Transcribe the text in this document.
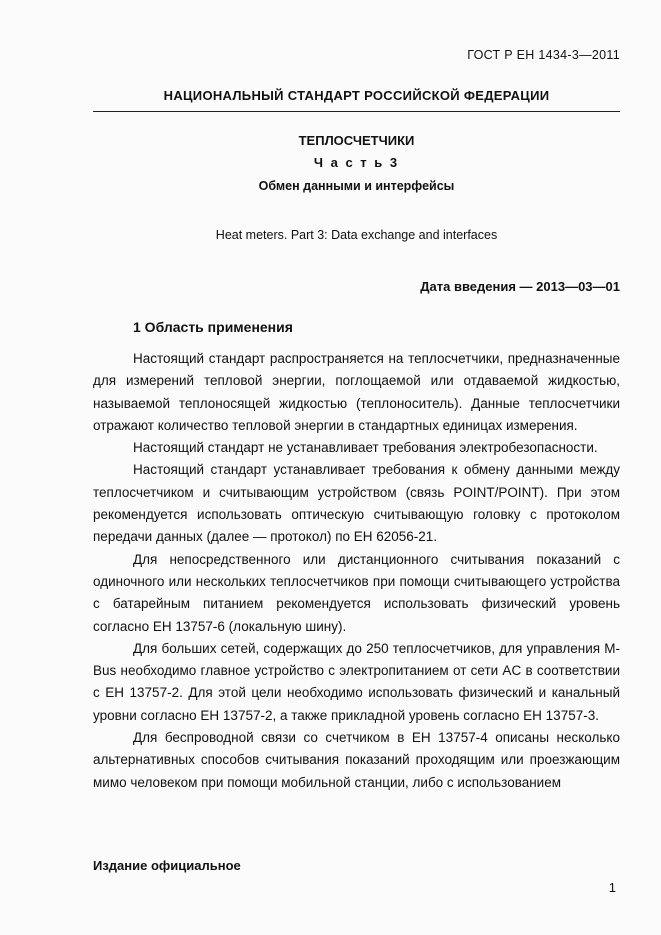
ГОСТ Р ЕН 1434-3—2011
НАЦИОНАЛЬНЫЙ СТАНДАРТ РОССИЙСКОЙ ФЕДЕРАЦИИ
ТЕПЛОСЧЕТЧИКИ
Ч а с т ь 3
Обмен данными и интерфейсы
Heat meters. Part 3: Data exchange and interfaces
Дата введения — 2013—03—01
1 Область применения

Настоящий стандарт распространяется на теплосчетчики, предназначенные для измерений тепловой энергии, поглощаемой или отдаваемой жидкостью, называемой теплоносящей жидкостью (теплоноситель). Данные теплосчетчики отражают количество тепловой энергии в стандартных единицах измерения.

Настоящий стандарт не устанавливает требования электробезопасности.

Настоящий стандарт устанавливает требования к обмену данными между теплосчетчиком и считывающим устройством (связь POINT/POINT). При этом рекомендуется использовать оптическую считывающую головку с протоколом передачи данных (далее — протокол) по ЕН 62056-21.

Для непосредственного или дистанционного считывания показаний с одиночного или нескольких теплосчетчиков при помощи считывающего устройства с батарейным питанием рекомендуется использовать физический уровень согласно ЕН 13757-6 (локальную шину).

Для больших сетей, содержащих до 250 теплосчетчиков, для управления M-Bus необходимо главное устройство с электропитанием от сети AC в соответствии с ЕН 13757-2. Для этой цели необходимо использовать физический и канальный уровни согласно ЕН 13757-2, а также прикладной уровень согласно ЕН 13757-3.

Для беспроводной связи со счетчиком в ЕН 13757-4 описаны несколько альтернативных способов считывания показаний проходящим или проезжающим мимо человеком при помощи мобильной станции, либо с использованием

Издание официальное
1
